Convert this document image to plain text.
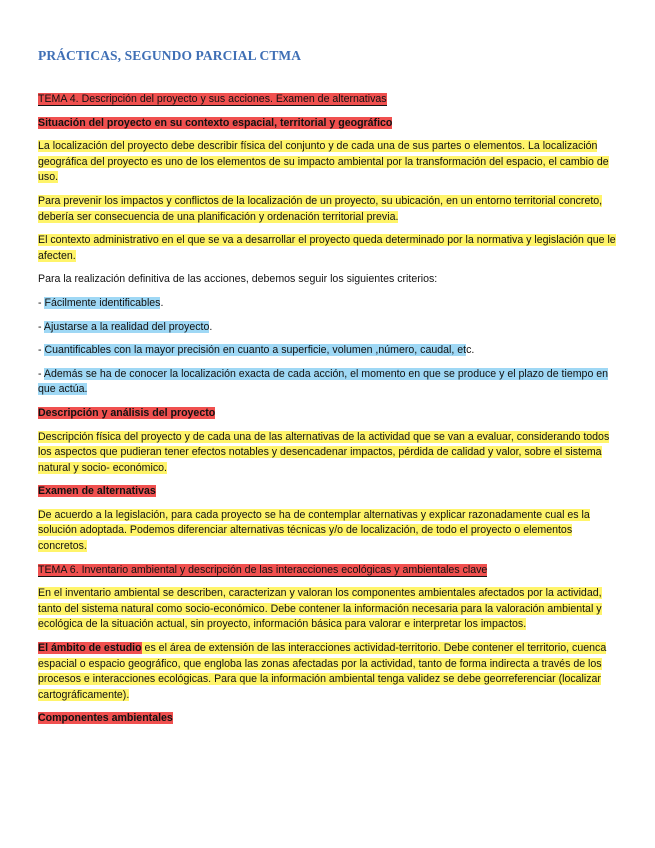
PRÁCTICAS, SEGUNDO PARCIAL CTMA

TEMA 4. Descripción del proyecto y sus acciones. Examen de alternativas

Situación del proyecto en su contexto espacial, territorial y geográfico

La localización del proyecto debe describir física del conjunto y de cada una de sus partes o elementos. La localización geográfica del proyecto es uno de los elementos de su impacto ambiental por la transformación del espacio, el cambio de uso.

Para prevenir los impactos y conflictos de la localización de un proyecto, su ubicación, en un entorno territorial concreto, debería ser consecuencia de una planificación y ordenación territorial previa.

El contexto administrativo en el que se va a desarrollar el proyecto queda determinado por la normativa y legislación que le afecten.

Para la realización definitiva de las acciones, debemos seguir los siguientes criterios:

- Fácilmente identificables.

- Ajustarse a la realidad del proyecto.

- Cuantificables con la mayor precisión en cuanto a superficie, volumen ,número, caudal, etc.

- Además se ha de conocer la localización exacta de cada acción, el momento en que se produce y el plazo de tiempo en que actúa.

Descripción y análisis del proyecto

Descripción física del proyecto y de cada una de las alternativas de la actividad que se van a evaluar, considerando todos los aspectos que pudieran tener efectos notables y desencadenar impactos, pérdida de calidad y valor, sobre el sistema natural y socio- económico.

Examen de alternativas

De acuerdo a la legislación, para cada proyecto se ha de contemplar alternativas y explicar razonadamente cual es la solución adoptada. Podemos diferenciar alternativas técnicas y/o de localización, de todo el proyecto o elementos concretos.

TEMA 6. Inventario ambiental y descripción de las interacciones ecológicas y ambientales clave

En el inventario ambiental se describen, caracterizan y valoran los componentes ambientales afectados por la actividad, tanto del sistema natural como socio-económico. Debe contener la información necesaria para la valoración ambiental y ecológica de la situación actual, sin proyecto, información básica para valorar e interpretar los impactos.

El ámbito de estudio es el área de extensión de las interacciones actividad-territorio. Debe contener el territorio, cuenca espacial o espacio geográfico, que engloba las zonas afectadas por la actividad, tanto de forma indirecta a través de los procesos e interacciones ecológicas. Para que la información ambiental tenga validez se debe georreferenciar (localizar cartográficamente).

Componentes ambientales
